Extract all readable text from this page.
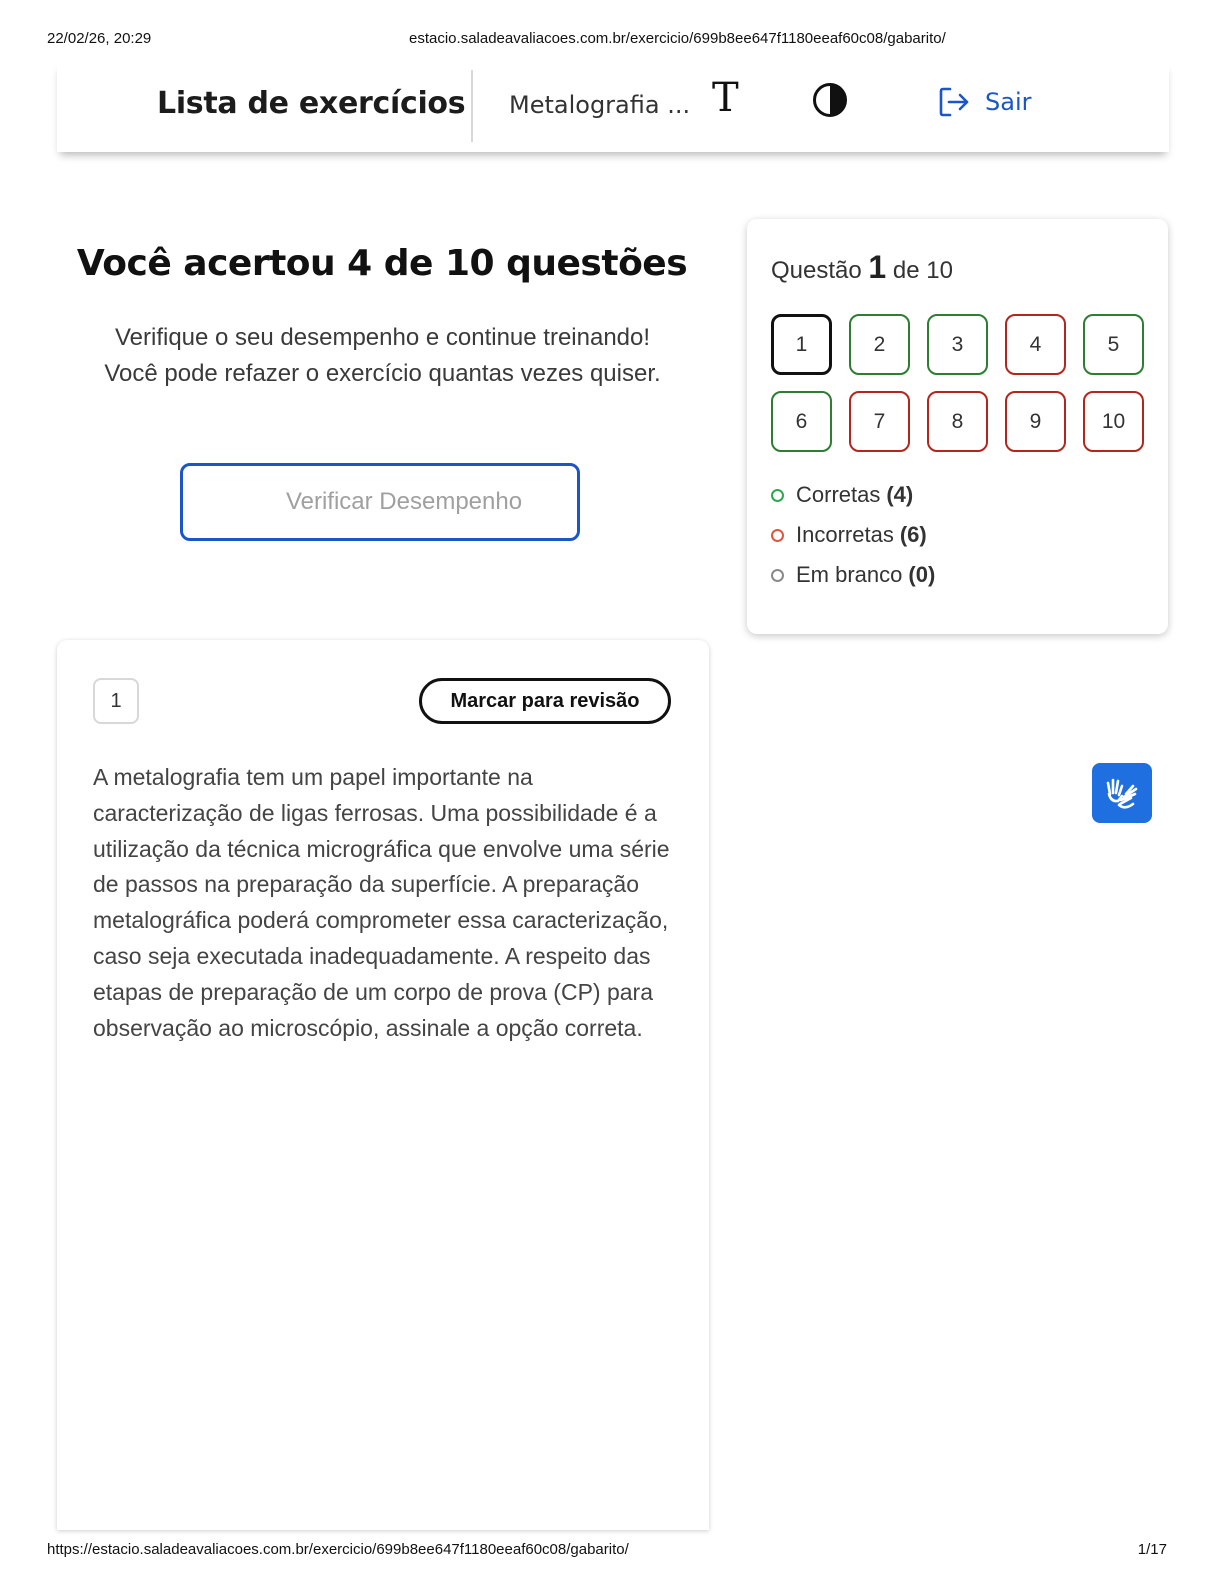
22/02/26, 20:29	estacio.saladeavaliacoes.com.br/exercicio/699b8ee647f1180eeaf60c08/gabarito/
Lista de exercícios Metalografia ... T	Sair
Você acertou 4 de 10 questões
Verifique o seu desempenho e continue treinando! Você pode refazer o exercício quantas vezes quiser.
Verificar Desempenho
Questão 1 de 10
1	2	3	4	5
6	7	8	9	10
Corretas (4)
Incorretas (6)
Em branco (0)
1	Marcar para revisão
A metalografia tem um papel importante na caracterização de ligas ferrosas. Uma possibilidade é a utilização da técnica micrográfica que envolve uma série de passos na preparação da superfície. A preparação metalográfica poderá comprometer essa caracterização, caso seja executada inadequadamente. A respeito das etapas de preparação de um corpo de prova (CP) para observação ao microscópio, assinale a opção correta.
https://estacio.saladeavaliacoes.com.br/exercicio/699b8ee647f1180eeaf60c08/gabarito/	1/17
